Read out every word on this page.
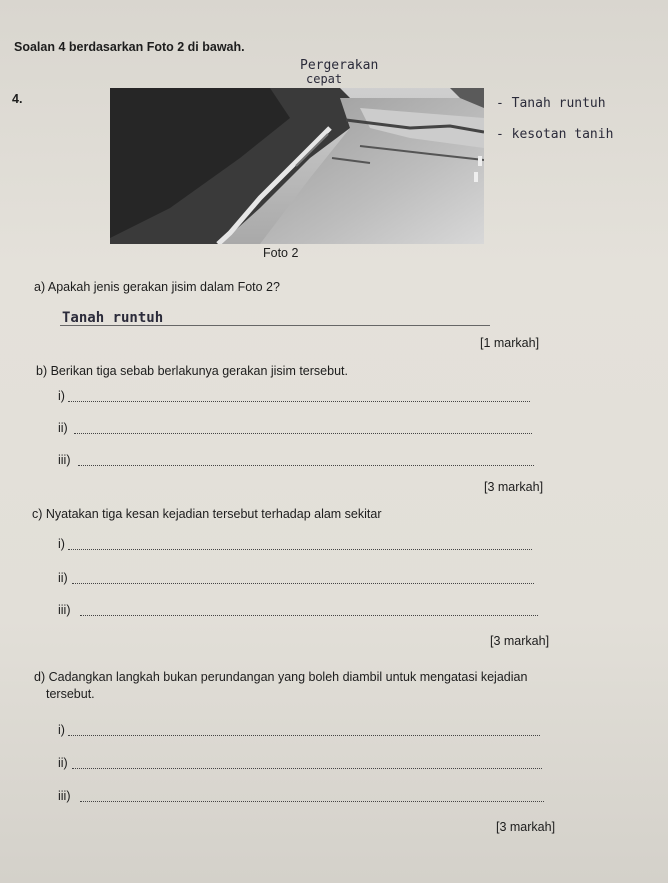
Soalan 4 berdasarkan Foto 2 di bawah.
4.
Pergerakan
cepat
- Tanah runtuh
- kesotan tanih
Foto 2
a) Apakah jenis gerakan jisim dalam Foto 2?
Tanah runtuh
[1 markah]
b) Berikan tiga sebab berlakunya gerakan jisim tersebut.
i)
ii)
iii)
[3 markah]
c) Nyatakan tiga kesan kejadian tersebut terhadap alam sekitar
i)
ii)
iii)
[3 markah]
d) Cadangkan langkah bukan perundangan yang boleh diambil untuk mengatasi kejadian
tersebut.
i)
ii)
iii)
[3 markah]
